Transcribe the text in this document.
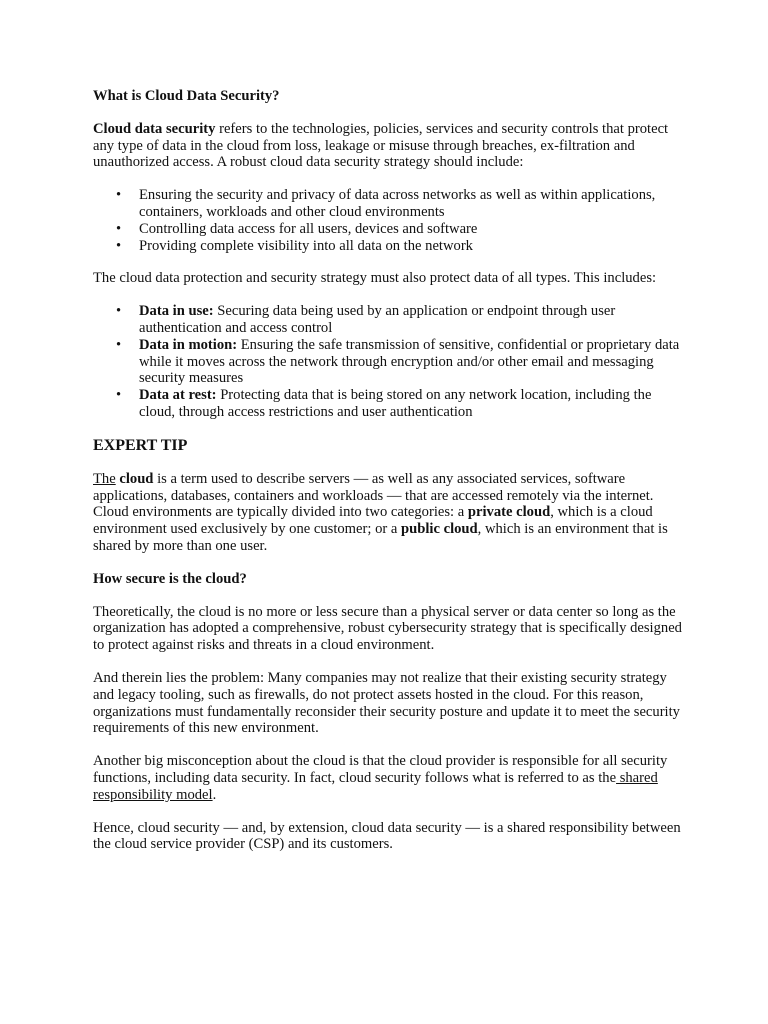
What is Cloud Data Security?

Cloud data security refers to the technologies, policies, services and security controls that protect any type of data in the cloud from loss, leakage or misuse through breaches, ex-filtration and unauthorized access. A robust cloud data security strategy should include:

• Ensuring the security and privacy of data across networks as well as within applications, containers, workloads and other cloud environments
• Controlling data access for all users, devices and software
• Providing complete visibility into all data on the network

The cloud data protection and security strategy must also protect data of all types. This includes:

• Data in use: Securing data being used by an application or endpoint through user authentication and access control
• Data in motion: Ensuring the safe transmission of sensitive, confidential or proprietary data while it moves across the network through encryption and/or other email and messaging security measures
• Data at rest: Protecting data that is being stored on any network location, including the cloud, through access restrictions and user authentication
EXPERT TIP

The cloud is a term used to describe servers — as well as any associated services, software applications, databases, containers and workloads — that are accessed remotely via the internet. Cloud environments are typically divided into two categories: a private cloud, which is a cloud environment used exclusively by one customer; or a public cloud, which is an environment that is shared by more than one user.

How secure is the cloud?

Theoretically, the cloud is no more or less secure than a physical server or data center so long as the organization has adopted a comprehensive, robust cybersecurity strategy that is specifically designed to protect against risks and threats in a cloud environment.

And therein lies the problem: Many companies may not realize that their existing security strategy and legacy tooling, such as firewalls, do not protect assets hosted in the cloud. For this reason, organizations must fundamentally reconsider their security posture and update it to meet the security requirements of this new environment.

Another big misconception about the cloud is that the cloud provider is responsible for all security functions, including data security. In fact, cloud security follows what is referred to as the shared responsibility model.

Hence, cloud security — and, by extension, cloud data security — is a shared responsibility between the cloud service provider (CSP) and its customers.
